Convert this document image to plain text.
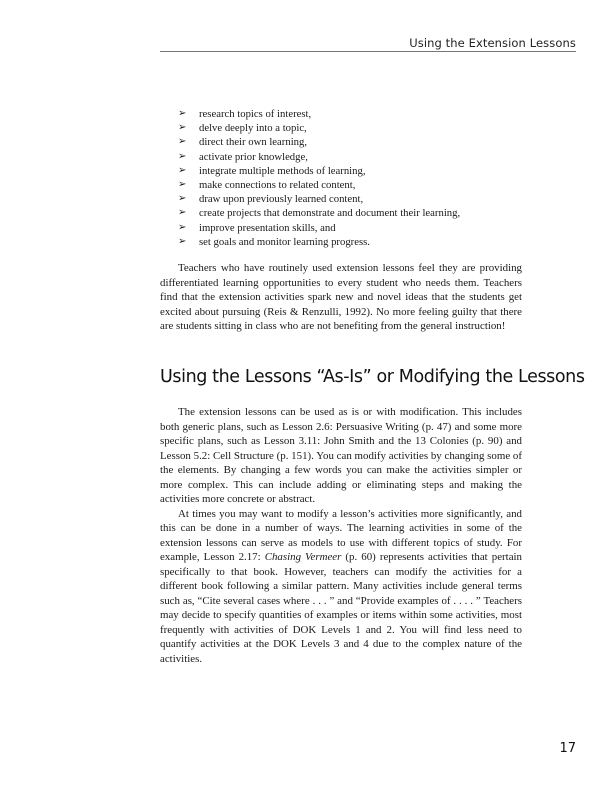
Using the Extension Lessons
➢ research topics of interest,
➢ delve deeply into a topic,
➢ direct their own learning,
➢ activate prior knowledge,
➢ integrate multiple methods of learning,
➢ make connections to related content,
➢ draw upon previously learned content,
➢ create projects that demonstrate and document their learning,
➢ improve presentation skills, and
➢ set goals and monitor learning progress.

Teachers who have routinely used extension lessons feel they are providing differentiated learning opportunities to every student who needs them. Teachers find that the extension activities spark new and novel ideas that the students get excited about pursuing (Reis & Renzulli, 1992). No more feeling guilty that there are students sitting in class who are not benefiting from the general instruction!

Using the Lessons “As-Is” or Modifying the Lessons

The extension lessons can be used as is or with modification. This includes both generic plans, such as Lesson 2.6: Persuasive Writing (p. 47) and some more specific plans, such as Lesson 3.11: John Smith and the 13 Colonies (p. 90) and Lesson 5.2: Cell Structure (p. 151). You can modify activities by changing some of the elements. By changing a few words you can make the activities simpler or more complex. This can include adding or eliminating steps and making the activities more concrete or abstract.

At times you may want to modify a lesson’s activities more significantly, and this can be done in a number of ways. The learning activities in some of the extension lessons can serve as models to use with different topics of study. For example, Lesson 2.17: Chasing Vermeer (p. 60) represents activities that pertain specifically to that book. However, teachers can modify the activities for a different book following a similar pattern. Many activities include general terms such as, “Cite several cases where . . . ” and “Provide examples of . . . . ” Teachers may decide to specify quantities of examples or items within some activities, most frequently with activities of DOK Levels 1 and 2. You will find less need to quantify activities at the DOK Levels 3 and 4 due to the complex nature of the activities.

17
